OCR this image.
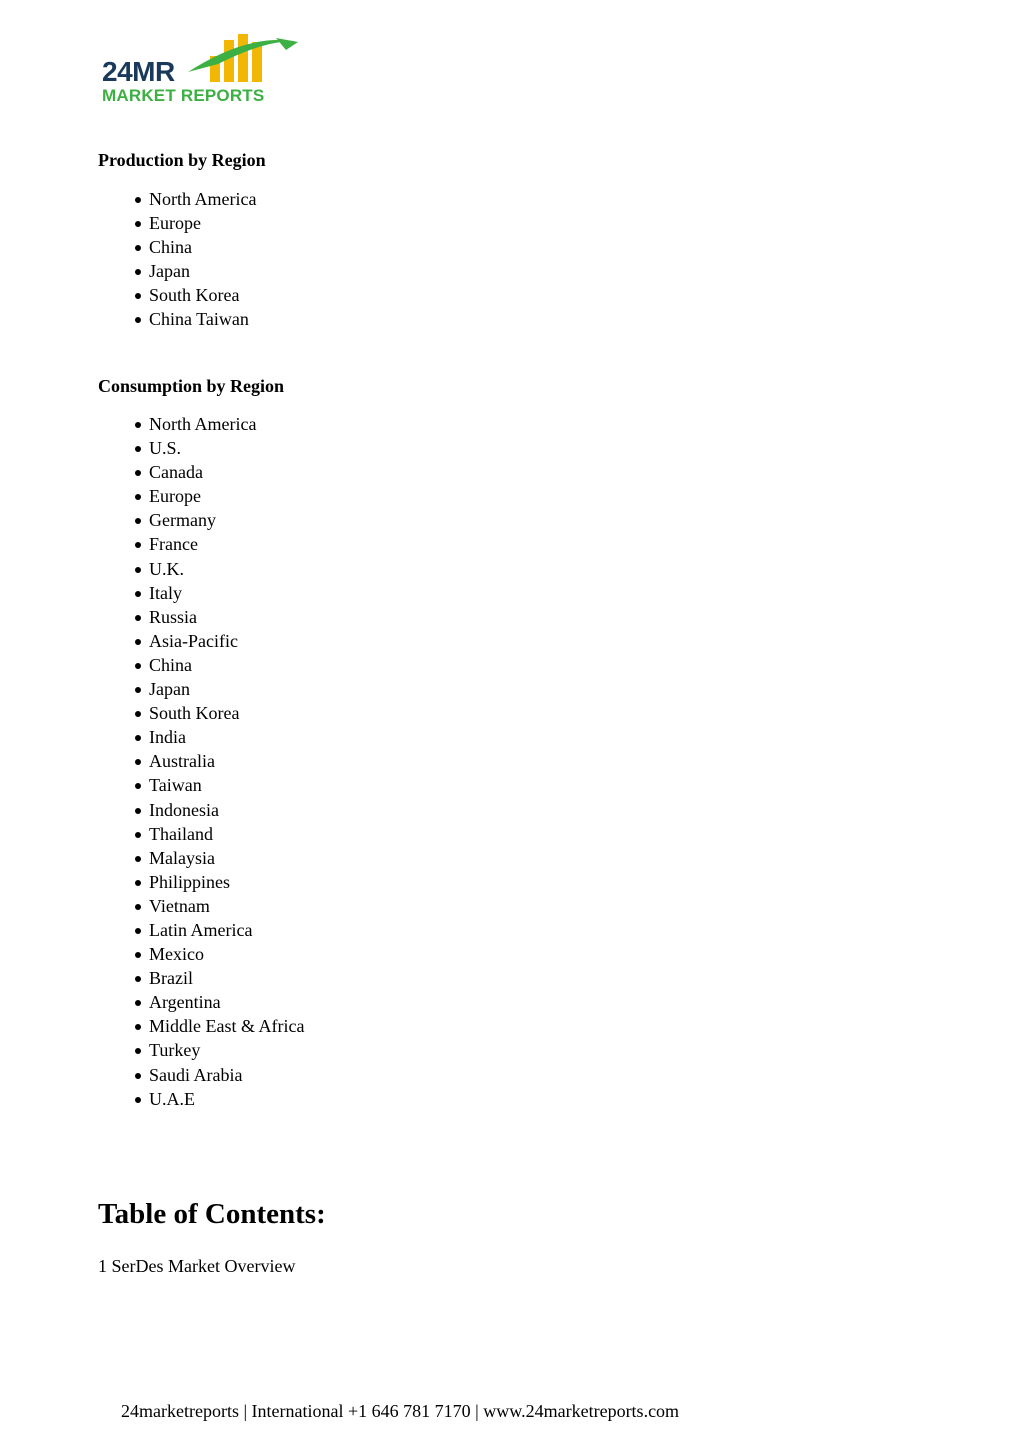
24MR
MARKET REPORTS
Production by Region
North America
Europe
China
Japan
South Korea
China Taiwan
Consumption by Region
North America
U.S.
Canada
Europe
Germany
France
U.K.
Italy
Russia
Asia-Pacific
China
Japan
South Korea
India
Australia
Taiwan
Indonesia
Thailand
Malaysia
Philippines
Vietnam
Latin America
Mexico
Brazil
Argentina
Middle East & Africa
Turkey
Saudi Arabia
U.A.E
Table of Contents:
1 SerDes Market Overview
24marketreports | International +1 646 781 7170 | www.24marketreports.com
